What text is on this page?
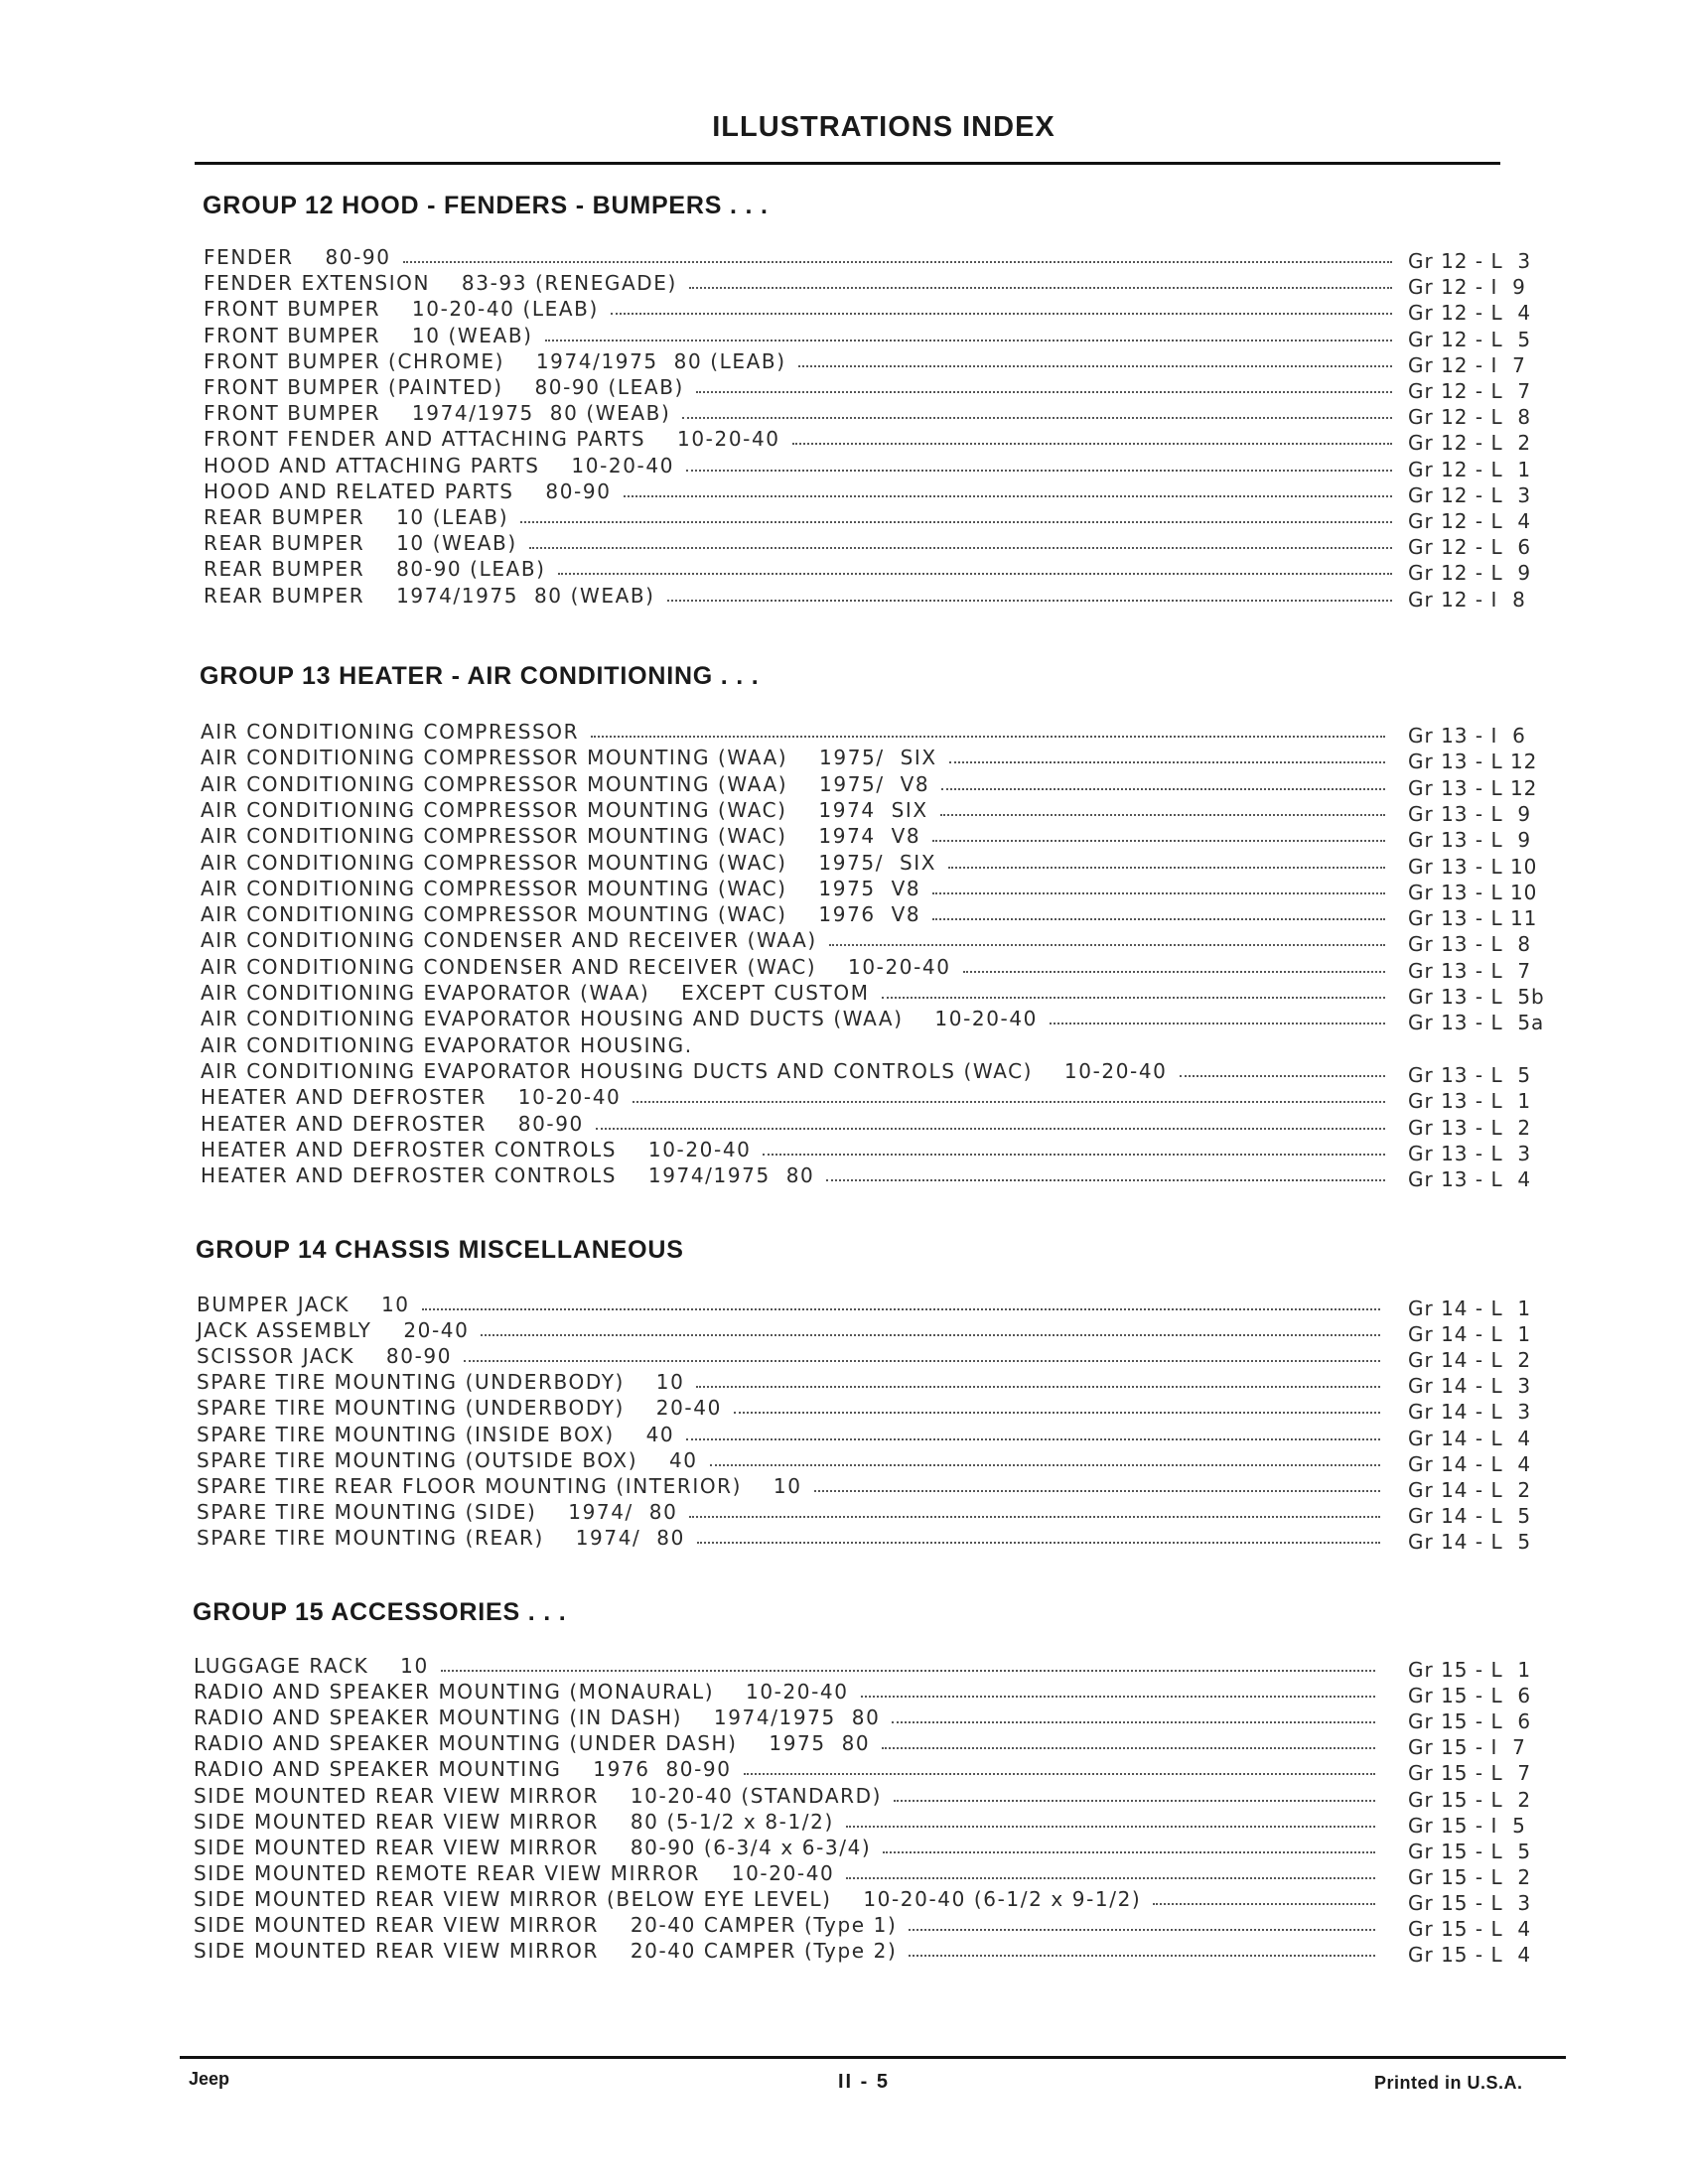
ILLUSTRATIONS INDEX
GROUP 12 HOOD - FENDERS - BUMPERS . . .
FENDER    80-90	Gr 12 - L  3
FENDER EXTENSION    83-93 (RENEGADE)	Gr 12 - I  9
FRONT BUMPER    10-20-40 (LEAB)	Gr 12 - L  4
FRONT BUMPER    10 (WEAB)	Gr 12 - L  5
FRONT BUMPER (CHROME)    1974/1975  80 (LEAB)	Gr 12 - I  7
FRONT BUMPER (PAINTED)    80-90 (LEAB)	Gr 12 - L  7
FRONT BUMPER    1974/1975  80 (WEAB)	Gr 12 - L  8
FRONT FENDER AND ATTACHING PARTS    10-20-40	Gr 12 - L  2
HOOD AND ATTACHING PARTS    10-20-40	Gr 12 - L  1
HOOD AND RELATED PARTS    80-90	Gr 12 - L  3
REAR BUMPER    10 (LEAB)	Gr 12 - L  4
REAR BUMPER    10 (WEAB)	Gr 12 - L  6
REAR BUMPER    80-90 (LEAB)	Gr 12 - L  9
REAR BUMPER    1974/1975  80 (WEAB)	Gr 12 - I  8
GROUP 13 HEATER - AIR CONDITIONING . . .
AIR CONDITIONING COMPRESSOR	Gr 13 - I  6
AIR CONDITIONING COMPRESSOR MOUNTING (WAA)    1975/  SIX	Gr 13 - L 12
AIR CONDITIONING COMPRESSOR MOUNTING (WAA)    1975/  V8	Gr 13 - L 12
AIR CONDITIONING COMPRESSOR MOUNTING (WAC)    1974  SIX	Gr 13 - L  9
AIR CONDITIONING COMPRESSOR MOUNTING (WAC)    1974  V8	Gr 13 - L  9
AIR CONDITIONING COMPRESSOR MOUNTING (WAC)    1975/  SIX	Gr 13 - L 10
AIR CONDITIONING COMPRESSOR MOUNTING (WAC)    1975  V8	Gr 13 - L 10
AIR CONDITIONING COMPRESSOR MOUNTING (WAC)    1976  V8	Gr 13 - L 11
AIR CONDITIONING CONDENSER AND RECEIVER (WAA)	Gr 13 - L  8
AIR CONDITIONING CONDENSER AND RECEIVER (WAC)    10-20-40	Gr 13 - L  7
AIR CONDITIONING EVAPORATOR (WAA)    EXCEPT CUSTOM	Gr 13 - L  5b
AIR CONDITIONING EVAPORATOR HOUSING AND DUCTS (WAA)    10-20-40	Gr 13 - L  5a
AIR CONDITIONING EVAPORATOR HOUSING.
AIR CONDITIONING EVAPORATOR HOUSING DUCTS AND CONTROLS (WAC)    10-20-40	Gr 13 - L  5
HEATER AND DEFROSTER    10-20-40	Gr 13 - L  1
HEATER AND DEFROSTER    80-90	Gr 13 - L  2
HEATER AND DEFROSTER CONTROLS    10-20-40	Gr 13 - L  3
HEATER AND DEFROSTER CONTROLS    1974/1975  80	Gr 13 - L  4
GROUP 14 CHASSIS MISCELLANEOUS
BUMPER JACK    10	Gr 14 - L  1
JACK ASSEMBLY    20-40	Gr 14 - L  1
SCISSOR JACK    80-90	Gr 14 - L  2
SPARE TIRE MOUNTING (UNDERBODY)    10	Gr 14 - L  3
SPARE TIRE MOUNTING (UNDERBODY)    20-40	Gr 14 - L  3
SPARE TIRE MOUNTING (INSIDE BOX)    40	Gr 14 - L  4
SPARE TIRE MOUNTING (OUTSIDE BOX)    40	Gr 14 - L  4
SPARE TIRE REAR FLOOR MOUNTING (INTERIOR)    10	Gr 14 - L  2
SPARE TIRE MOUNTING (SIDE)    1974/  80	Gr 14 - L  5
SPARE TIRE MOUNTING (REAR)    1974/  80	Gr 14 - L  5
GROUP 15 ACCESSORIES . . .
LUGGAGE RACK    10	Gr 15 - L  1
RADIO AND SPEAKER MOUNTING (MONAURAL)    10-20-40	Gr 15 - L  6
RADIO AND SPEAKER MOUNTING (IN DASH)    1974/1975  80	Gr 15 - L  6
RADIO AND SPEAKER MOUNTING (UNDER DASH)    1975  80	Gr 15 - I  7
RADIO AND SPEAKER MOUNTING    1976  80-90	Gr 15 - L  7
SIDE MOUNTED REAR VIEW MIRROR    10-20-40 (STANDARD)	Gr 15 - L  2
SIDE MOUNTED REAR VIEW MIRROR    80 (5-1/2 x 8-1/2)	Gr 15 - I  5
SIDE MOUNTED REAR VIEW MIRROR    80-90 (6-3/4 x 6-3/4)	Gr 15 - L  5
SIDE MOUNTED REMOTE REAR VIEW MIRROR    10-20-40	Gr 15 - L  2
SIDE MOUNTED REAR VIEW MIRROR (BELOW EYE LEVEL)    10-20-40 (6-1/2 x 9-1/2)	Gr 15 - L  3
SIDE MOUNTED REAR VIEW MIRROR    20-40 CAMPER (Type 1)	Gr 15 - L  4
SIDE MOUNTED REAR VIEW MIRROR    20-40 CAMPER (Type 2)	Gr 15 - L  4
Jeep	II - 5	Printed in U.S.A.
